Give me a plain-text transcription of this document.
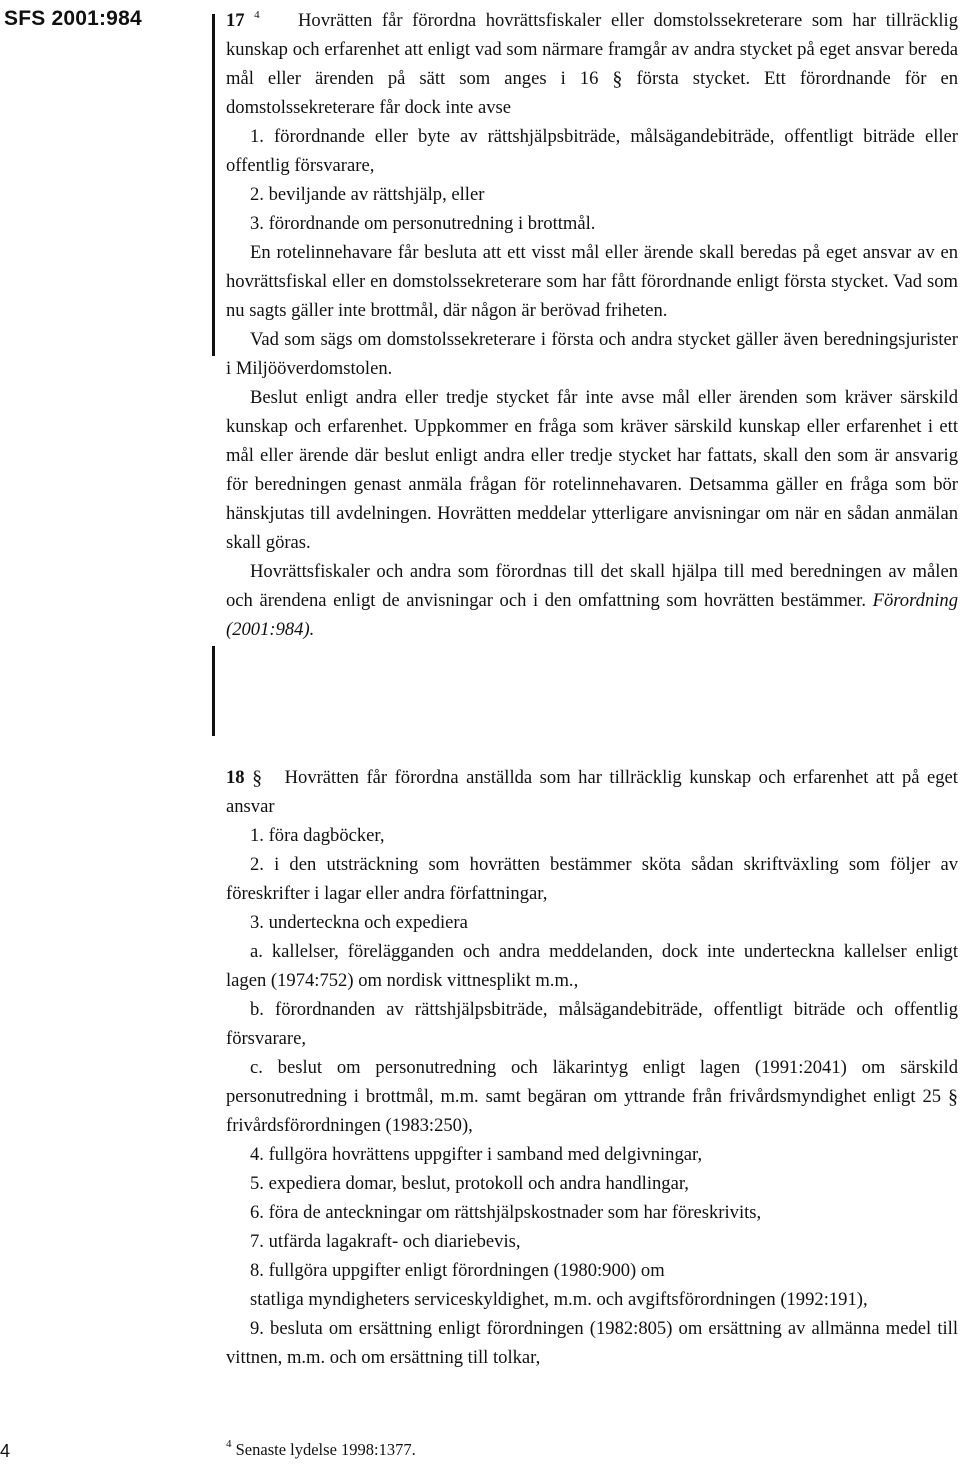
SFS 2001:984	17 $^4$ Hovrätten får förordna hovrättsfiskaler eller domstolssekreterare som har tillräcklig kunskap och erfarenhet att enligt vad som närmare framgår av andra stycket på eget ansvar bereda mål eller ärenden på sätt som anges i 16 § första stycket. Ett förordnande för en domstolssekreterare får dock inte avse

1. förordnande eller byte av rättshjälpsbiträde, målsägandebiträde, offentligt biträde eller offentlig försvarare,

2. beviljande av rättshjälp, eller

3. förordnande om personutredning i brottmål.

En rotelinnehavare får besluta att ett visst mål eller ärende skall beredas på eget ansvar av en hovrättsfiskal eller en domstolssekreterare som har fått förordnande enligt första stycket. Vad som nu sagts gäller inte brottmål, där någon är berövad friheten.

Vad som sägs om domstolssekreterare i första och andra stycket gäller även beredningsjurister i Miljööverdomstolen.

Beslut enligt andra eller tredje stycket får inte avse mål eller ärenden som kräver särskild kunskap och erfarenhet. Uppkommer en fråga som kräver särskild kunskap eller erfarenhet i ett mål eller ärende där beslut enligt andra eller tredje stycket har fattats, skall den som är ansvarig för beredningen genast anmäla frågan för rotelinnehavaren. Detsamma gäller en fråga som bör hänskjutas till avdelningen. Hovrätten meddelar ytterligare anvisningar om när en sådan anmälan skall göras.

Hovrättsfiskaler och andra som förordnas till det skall hjälpa till med beredningen av målen och ärendena enligt de anvisningar och i den omfattning som hovrätten bestämmer. Förordning (2001:984).

18 § Hovrätten får förordna anställda som har tillräcklig kunskap och erfarenhet att på eget ansvar

1. föra dagböcker,

2. i den utsträckning som hovrätten bestämmer sköta sådan skriftväxling som följer av föreskrifter i lagar eller andra författningar,

3. underteckna och expediera

a. kallelser, förelägganden och andra meddelanden, dock inte underteckna kallelser enligt lagen (1974:752) om nordisk vittnesplikt m.m.,

b. förordnanden av rättshjälpsbiträde, målsägandebiträde, offentligt biträde och offentlig försvarare,

c. beslut om personutredning och läkarintyg enligt lagen (1991:2041) om särskild personutredning i brottmål, m.m. samt begäran om yttrande från frivårdsmyndighet enligt 25 § frivårdsförordningen (1983:250),

4. fullgöra hovrättens uppgifter i samband med delgivningar,

5. expediera domar, beslut, protokoll och andra handlingar,

6. föra de anteckningar om rättshjälpskostnader som har föreskrivits,

7. utfärda lagakraft- och diariebevis,

8. fullgöra uppgifter enligt förordningen (1980:900) om

statliga myndigheters serviceskyldighet, m.m. och avgiftsförordningen (1992:191),

9. besluta om ersättning enligt förordningen (1982:805) om ersättning av allmänna medel till vittnen, m.m. och om ersättning till tolkar,

4	$^4$ Senaste lydelse 1998:1377.
